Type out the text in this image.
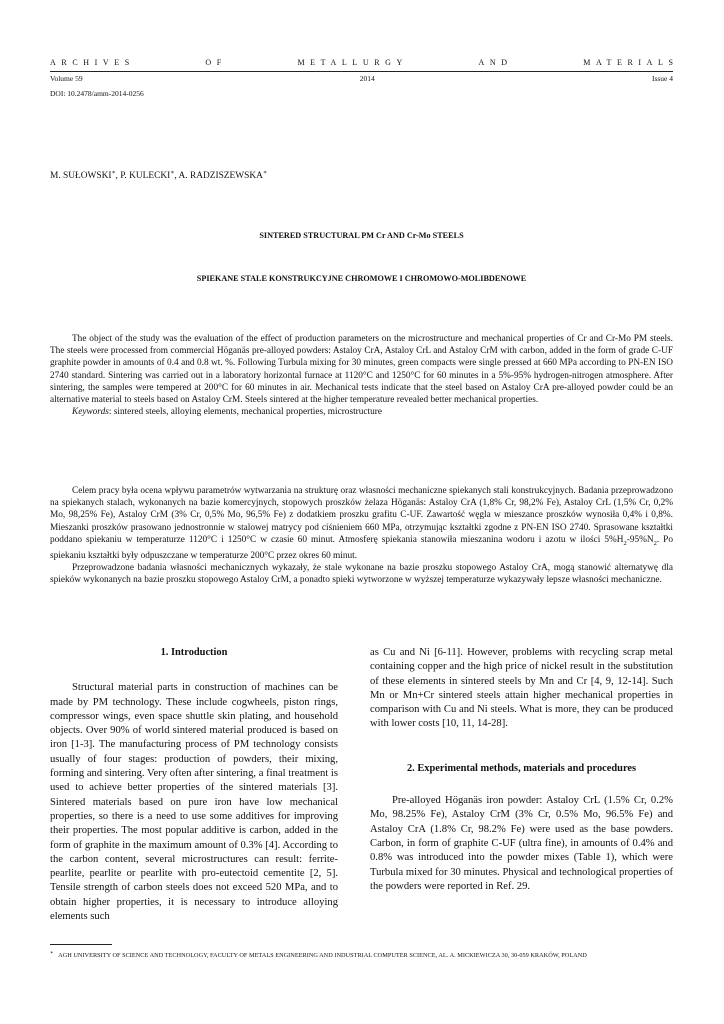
ARCHIVES	OF	METALLURGY	AND	MATERIALS
Volume 59	2014	Issue 4
DOI: 10.2478/amm-2014-0256
M. SUŁOWSKI∗, P. KULECKI∗, A. RADZISZEWSKA∗
SINTERED STRUCTURAL PM Cr AND Cr-Mo STEELS
SPIEKANE STALE KONSTRUKCYJNE CHROMOWE I CHROMOWO-MOLIBDENOWE

The object of the study was the evaluation of the effect of production parameters on the microstructure and mechanical properties of Cr and Cr-Mo PM steels. The steels were processed from commercial Höganäs pre-alloyed powders: Astaloy CrA, Astaloy CrL and Astaloy CrM with carbon, added in the form of grade C-UF graphite powder in amounts of 0.4 and 0.8 wt. %. Following Turbula mixing for 30 minutes, green compacts were single pressed at 660 MPa according to PN-EN ISO 2740 standard. Sintering was carried out in a laboratory horizontal furnace at 1120°C and 1250°C for 60 minutes in a 5%-95% hydrogen-nitrogen atmosphere. After sintering, the samples were tempered at 200°C for 60 minutes in air. Mechanical tests indicate that the steel based on Astaloy CrA pre-alloyed powder could be an alternative material to steels based on Astaloy CrM. Steels sintered at the higher temperature revealed better mechanical properties.

Keywords: sintered steels, alloying elements, mechanical properties, microstructure

Celem pracy była ocena wpływu parametrów wytwarzania na strukturę oraz własności mechaniczne spiekanych stali konstrukcyjnych. Badania przeprowadzono na spiekanych stalach, wykonanych na bazie komercyjnych, stopowych proszków żelaza Höganäs: Astaloy CrA (1,8% Cr, 98,2% Fe), Astaloy CrL (1,5% Cr, 0,2% Mo, 98,25% Fe), Astaloy CrM (3% Cr, 0,5% Mo, 96,5% Fe) z dodatkiem proszku grafitu C-UF. Zawartość węgla w mieszance proszków wynosiła 0,4% i 0,8%. Mieszanki proszków prasowano jednostronnie w stalowej matrycy pod ciśnieniem 660 MPa, otrzymując kształtki zgodne z PN-EN ISO 2740. Sprasowane kształtki poddano spiekaniu w temperaturze 1120°C i 1250°C w czasie 60 minut. Atmosferę spiekania stanowiła mieszanina wodoru i azotu w ilości $5\%H_2-95\%N_2$. Po spiekaniu kształtki były odpuszczane w temperaturze 200°C przez okres 60 minut.

Przeprowadzone badania własności mechanicznych wykazały, że stale wykonane na bazie proszku stopowego Astaloy CrA, mogą stanowić alternatywę dla spieków wykonanych na bazie proszku stopowego Astaloy CrM, a ponadto spieki wytworzone w wyższej temperaturze wykazywały lepsze własności mechaniczne.

1. Introduction

Structural material parts in construction of machines can be made by PM technology. These include cogwheels, piston rings, compressor wings, even space shuttle skin plating, and household objects. Over 90% of world sintered material produced is based on iron [1-3]. The manufacturing process of PM technology consists usually of four stages: production of powders, their mixing, forming and sintering. Very often after sintering, a final treatment is used to achieve better properties of the sintered materials [3]. Sintered materials based on pure iron have low mechanical properties, so there is a need to use some additives for improving their properties. The most popular additive is carbon, added in the form of graphite in the maximum amount of 0.3% [4]. According to the carbon content, several microstructures can result: ferrite-pearlite, pearlite or pearlite with pro-eutectoid cementite [2, 5]. Tensile strength of carbon steels does not exceed 520 MPa, and to obtain higher properties, it is necessary to introduce alloying elements such

as Cu and Ni [6-11]. However, problems with recycling scrap metal containing copper and the high price of nickel result in the substitution of these elements in sintered steels by Mn and Cr [4, 9, 12-14]. Such Mn or Mn+Cr sintered steels attain higher mechanical properties in comparison with Cu and Ni steels. What is more, they can be produced with lower costs [10, 11, 14-28].

2. Experimental methods, materials and procedures

Pre-alloyed Höganäs iron powder: Astaloy CrL (1.5% Cr, 0.2% Mo, 98.25% Fe), Astaloy CrM (3% Cr, 0.5% Mo, 96.5% Fe) and Astaloy CrA (1.8% Cr, 98.2% Fe) were used as the base powders. Carbon, in form of graphite C-UF (ultra fine), in amounts of 0.4% and 0.8% was introduced into the powder mixes (Table 1), which were Turbula mixed for 30 minutes. Physical and technological properties of the powders were reported in Ref. 29.

∗ AGH UNIVERSITY OF SCIENCE AND TECHNOLOGY, FACULTY OF METALS ENGINEERING AND INDUSTRIAL COMPUTER SCIENCE, AL. A. MICKIEWICZA 30, 30-059 KRAKÓW, POLAND
